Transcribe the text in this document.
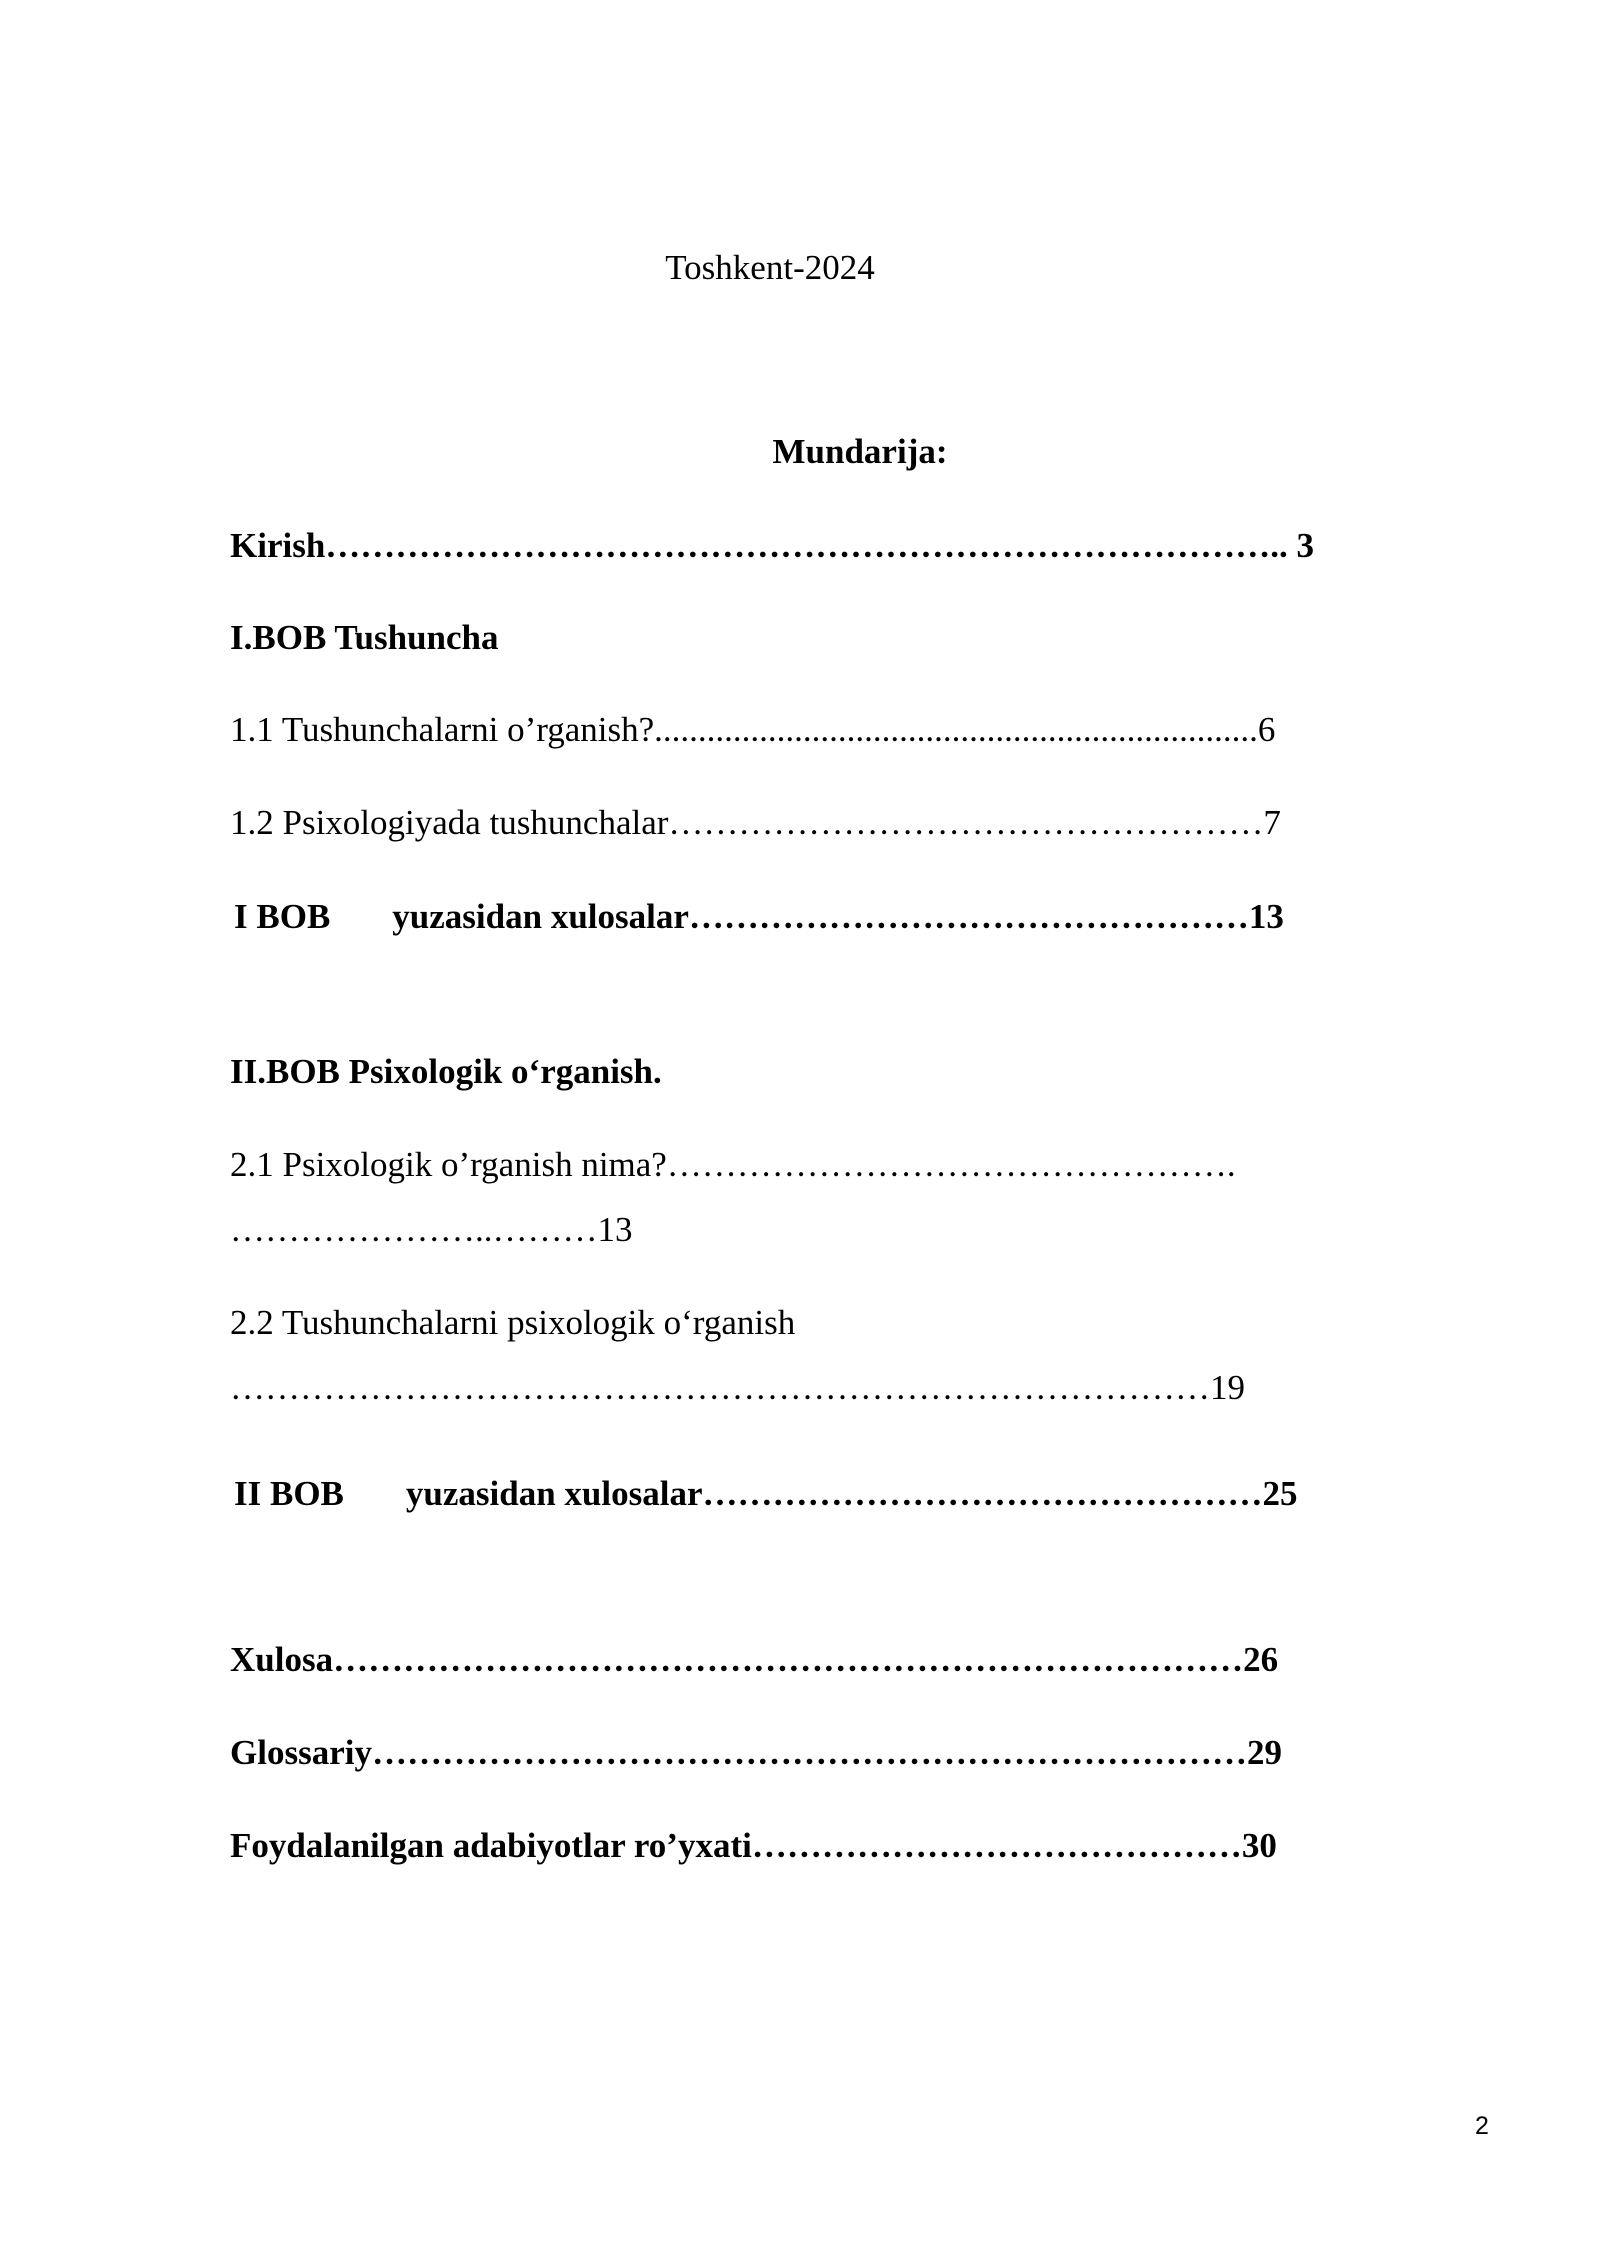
Toshkent-2024
Mundarija:
Kirish……………………………………………………………………….. 3
I.BOB Tushuncha
1.1 Tushunchalarni o’rganish?.....................................................................6
1.2 Psixologiyada tushunchalar……………………………………………7
I BOB yuzasidan xulosalar…………………………………………13
II.BOB Psixologik o‘rganish.
2.1 Psixologik o’rganish nima?………………………………………….
…………………..………13
2.2 Tushunchalarni psixologik o‘rganish
…………………………………………………………………………19
II BOB yuzasidan xulosalar…………………………………………25
Xulosa……………………………………………………………………26
Glossariy…………………………………………………………………29
Foydalanilgan adabiyotlar ro’yxati……………………………………30
2
